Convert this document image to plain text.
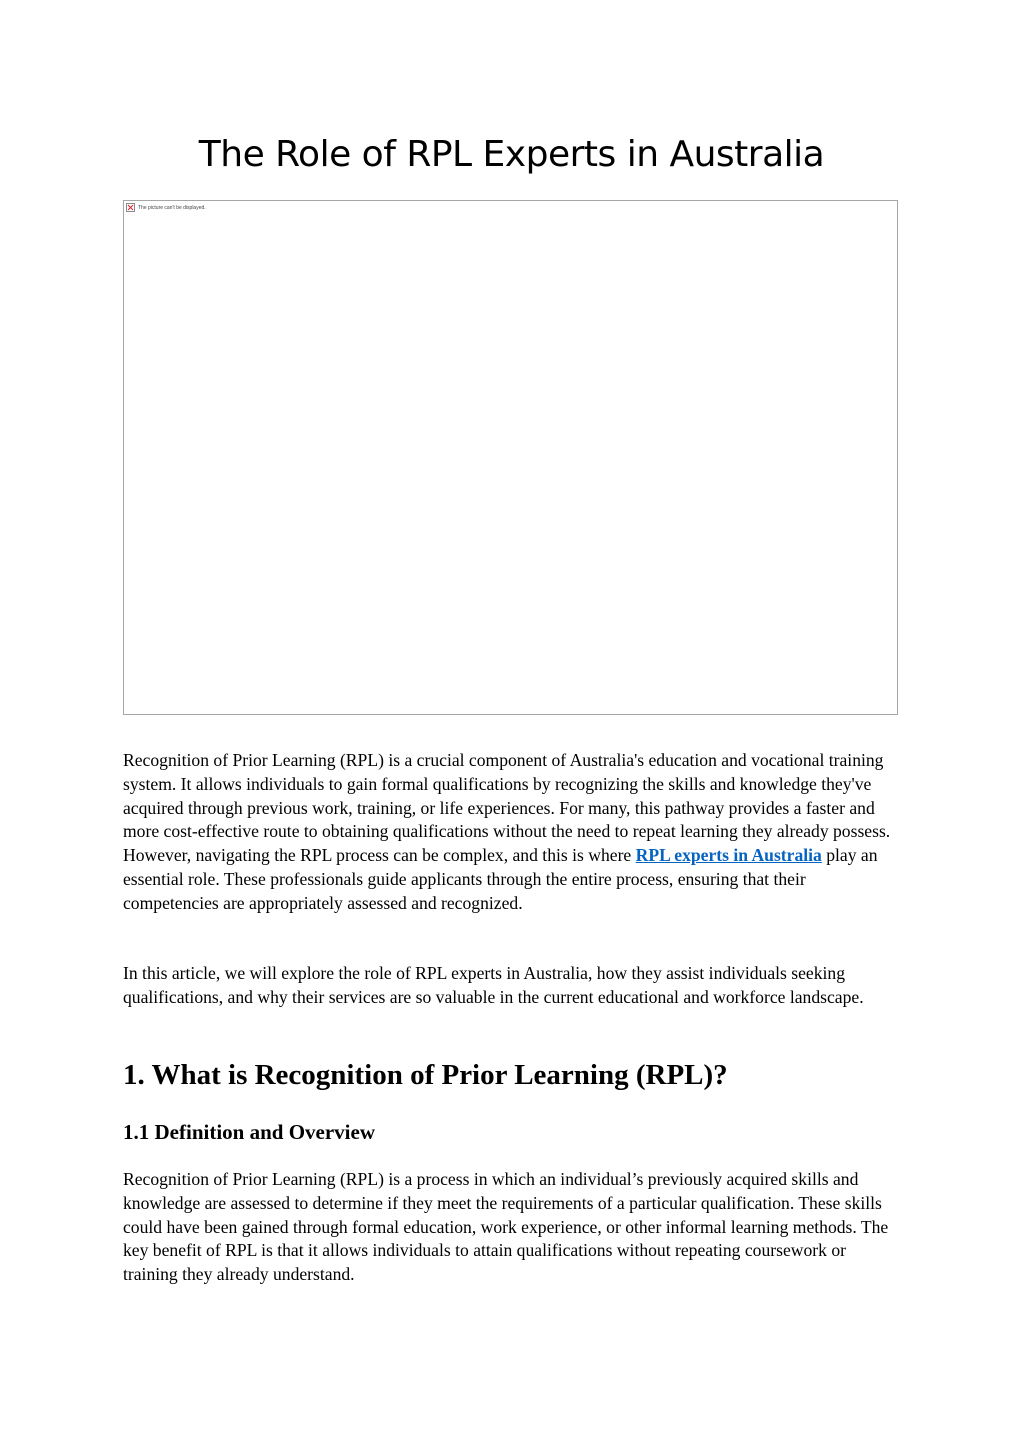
The Role of RPL Experts in Australia
The picture can't be displayed.

Recognition of Prior Learning (RPL) is a crucial component of Australia's education and vocational training system. It allows individuals to gain formal qualifications by recognizing the skills and knowledge they've acquired through previous work, training, or life experiences. For many, this pathway provides a faster and more cost-effective route to obtaining qualifications without the need to repeat learning they already possess. However, navigating the RPL process can be complex, and this is where RPL experts in Australia play an essential role. These professionals guide applicants through the entire process, ensuring that their competencies are appropriately assessed and recognized.

In this article, we will explore the role of RPL experts in Australia, how they assist individuals seeking qualifications, and why their services are so valuable in the current educational and workforce landscape.

1. What is Recognition of Prior Learning (RPL)?
1.1 Definition and Overview

Recognition of Prior Learning (RPL) is a process in which an individual’s previously acquired skills and knowledge are assessed to determine if they meet the requirements of a particular qualification. These skills could have been gained through formal education, work experience, or other informal learning methods. The key benefit of RPL is that it allows individuals to attain qualifications without repeating coursework or training they already understand.
